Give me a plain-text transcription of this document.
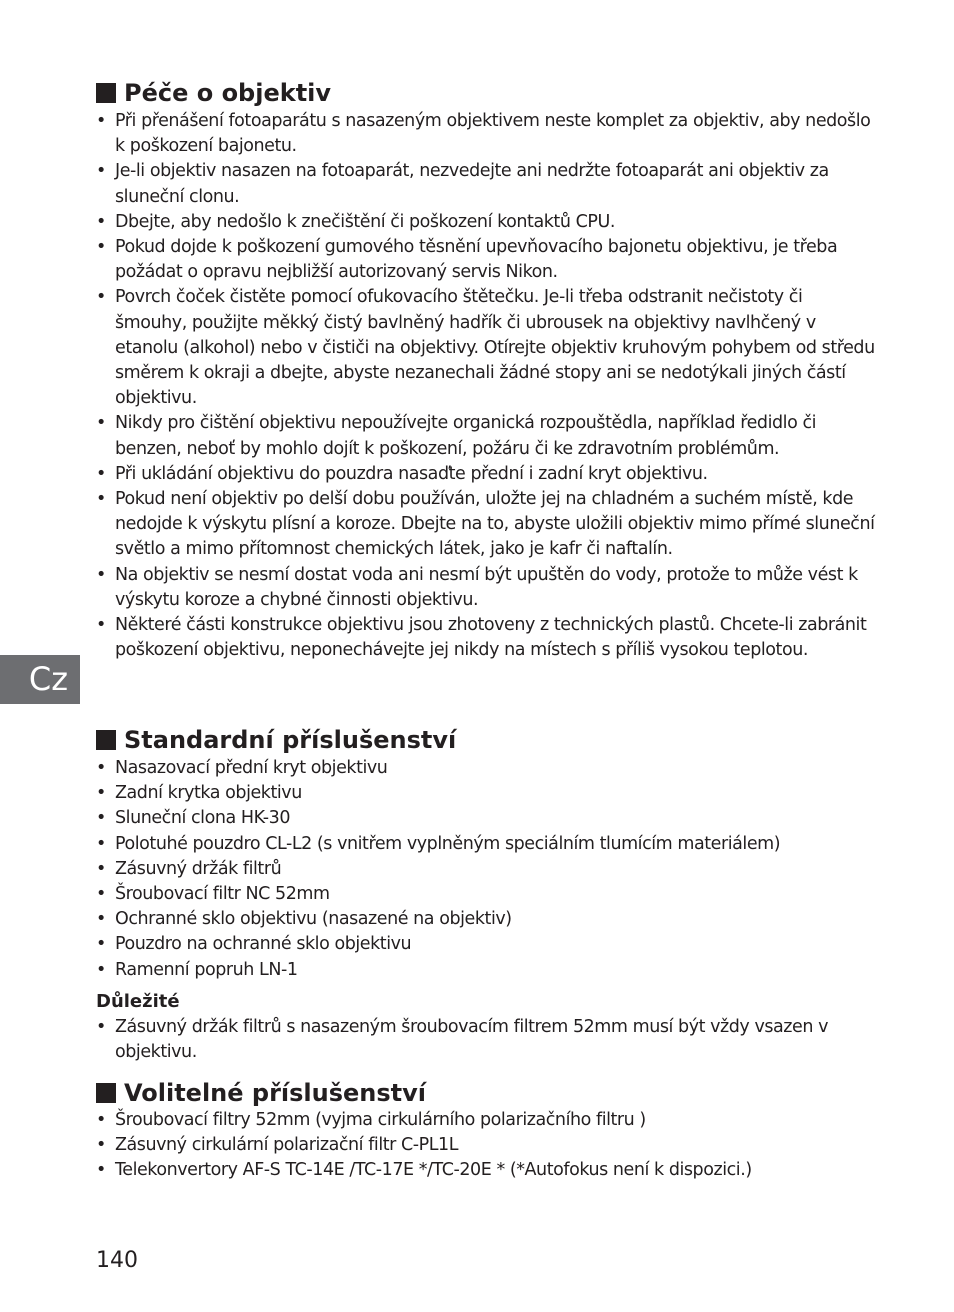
Péče o objektiv
• Při přenášení fotoaparátu s nasazeným objektivem neste komplet za objektiv, aby nedošlo k poškození bajonetu.
• Je-li objektiv nasazen na fotoaparát, nezvedejte ani nedržte fotoaparát ani objektiv za sluneční clonu.
• Dbejte, aby nedošlo k znečištění či poškození kontaktů CPU.
• Pokud dojde k poškození gumového těsnění upevňovacího bajonetu objektivu, je třeba požádat o opravu nejbližší autorizovaný servis Nikon.
• Povrch čoček čistěte pomocí ofukovacího štětečku. Je-li třeba odstranit nečistoty či šmouhy, použijte měkký čistý bavlněný hadřík či ubrousek na objektivy navlhčený v etanolu (alkohol) nebo v čističi na objektivy. Otírejte objektiv kruhovým pohybem od středu směrem k okraji a dbejte, abyste nezanechali žádné stopy ani se nedotýkali jiných částí objektivu.
• Nikdy pro čištění objektivu nepoužívejte organická rozpouštědla, například ředidlo či benzen, neboť by mohlo dojít k poškození, požáru či ke zdravotním problémům.
• Při ukládání objektivu do pouzdra nasaďte přední i zadní kryt objektivu.
• Pokud není objektiv po delší dobu používán, uložte jej na chladném a suchém místě, kde nedojde k výskytu plísní a koroze. Dbejte na to, abyste uložili objektiv mimo přímé sluneční světlo a mimo přítomnost chemických látek, jako je kafr či naftalín.
• Na objektiv se nesmí dostat voda ani nesmí být upuštěn do vody, protože to může vést k výskytu koroze a chybné činnosti objektivu.
• Některé části konstrukce objektivu jsou zhotoveny z technických plastů. Chcete-li zabránit poškození objektivu, neponechávejte jej nikdy na místech s příliš vysokou teplotou.
Cz
Standardní příslušenství
• Nasazovací přední kryt objektivu
• Zadní krytka objektivu
• Sluneční clona HK-30
• Polotuhé pouzdro CL-L2 (s vnitřem vyplněným speciálním tlumícím materiálem)
• Zásuvný držák filtrů
• Šroubovací filtr NC 52mm
• Ochranné sklo objektivu (nasazené na objektiv)
• Pouzdro na ochranné sklo objektivu
• Ramenní popruh LN-1
Důležité
• Zásuvný držák filtrů s nasazeným šroubovacím filtrem 52mm musí být vždy vsazen v objektivu.
Volitelné příslušenství
• Šroubovací filtry 52mm (vyjma cirkulárního polarizačního filtru )
• Zásuvný cirkulární polarizační filtr C-PL1L
• Telekonvertory AF-S TC-14E /TC-17E */TC-20E * (*Autofokus není k dispozici.)
140
